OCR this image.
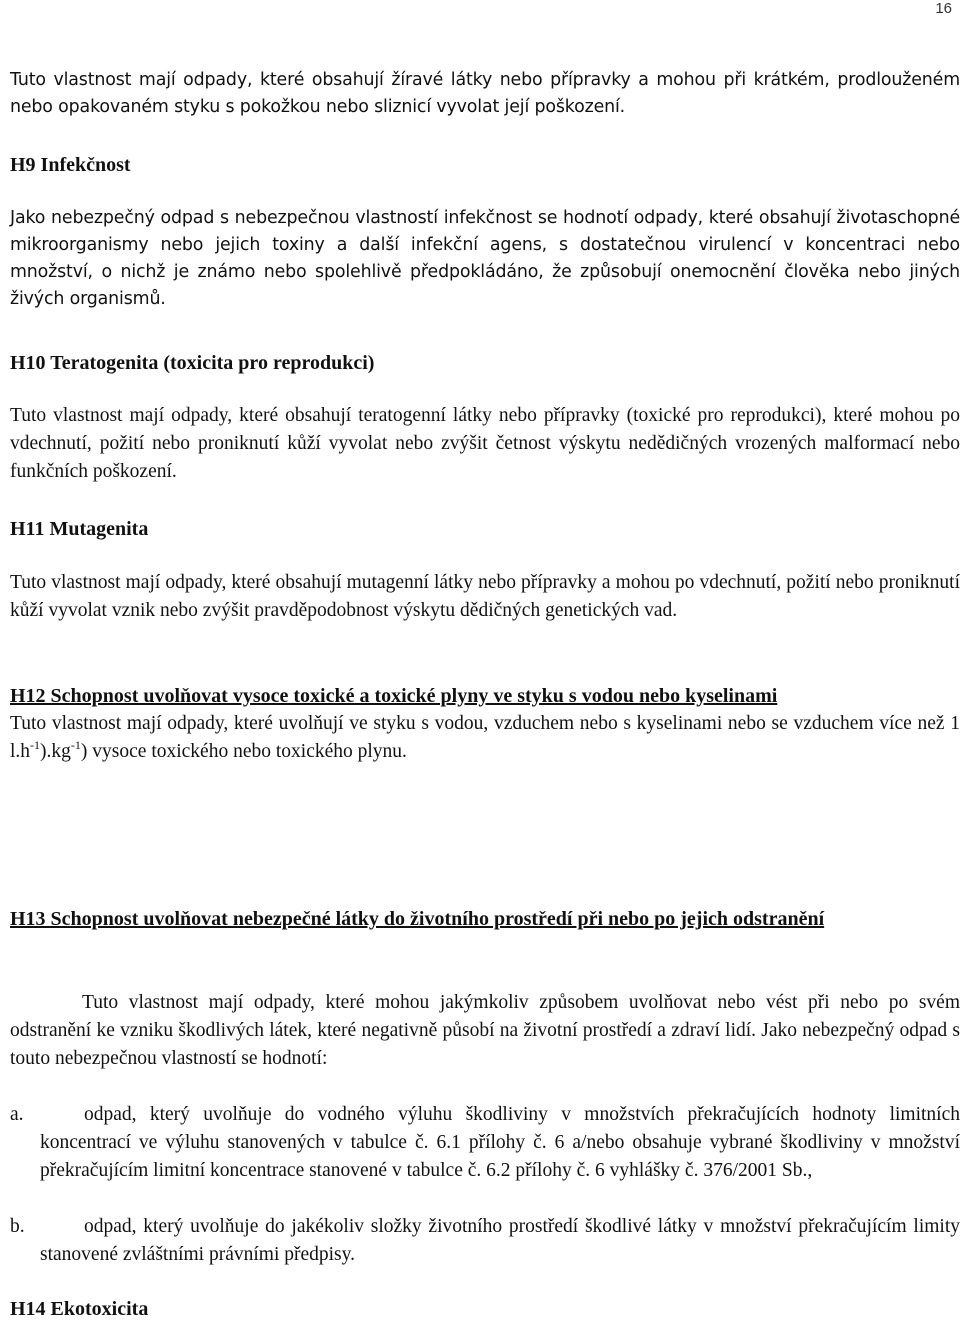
16

Tuto vlastnost mají odpady, které obsahují žíravé látky nebo přípravky a mohou při krátkém, prodlouženém nebo opakovaném styku s pokožkou nebo sliznicí vyvolat její poškození.

H9 Infekčnost

Jako nebezpečný odpad s nebezpečnou vlastností infekčnost se hodnotí odpady, které obsahují životaschopné mikroorganismy nebo jejich toxiny a další infekční agens, s dostatečnou virulencí v koncentraci nebo množství, o nichž je známo nebo spolehlivě předpokládáno, že způsobují onemocnění člověka nebo jiných živých organismů.

H10 Teratogenita (toxicita pro reprodukci)

Tuto vlastnost mají odpady, které obsahují teratogenní látky nebo přípravky (toxické pro reprodukci), které mohou po vdechnutí, požití nebo proniknutí kůží vyvolat nebo zvýšit četnost výskytu nedědičných vrozených malformací nebo funkčních poškození.

H11 Mutagenita

Tuto vlastnost mají odpady, které obsahují mutagenní látky nebo přípravky a mohou po vdechnutí, požití nebo proniknutí kůží vyvolat vznik nebo zvýšit pravděpodobnost výskytu dědičných genetických vad.

H12 Schopnost uvolňovat vysoce toxické a toxické plyny ve styku s vodou nebo kyselinami

Tuto vlastnost mají odpady, které uvolňují ve styku s vodou, vzduchem nebo s kyselinami nebo se vzduchem více než 1 $l.h^{-1}).kg^{-1}$) vysoce toxického nebo toxického plynu.

H13 Schopnost uvolňovat nebezpečné látky do životního prostředí při nebo po jejich odstranění

Tuto vlastnost mají odpady, které mohou jakýmkoliv způsobem uvolňovat nebo vést při nebo po svém odstranění ke vzniku škodlivých látek, které negativně působí na životní prostředí a zdraví lidí. Jako nebezpečný odpad s touto nebezpečnou vlastností se hodnotí:

a.	odpad, který uvolňuje do vodného výluhu škodliviny v množstvích překračujících hodnoty limitních koncentrací ve výluhu stanovených v tabulce č. 6.1 přílohy č. 6 a/nebo obsahuje vybrané škodliviny v množství překračujícím limitní koncentrace stanovené v tabulce č. 6.2 přílohy č. 6 vyhlášky č. 376/2001 Sb.,
b.	odpad, který uvolňuje do jakékoliv složky životního prostředí škodlivé látky v množství překračujícím limity stanovené zvláštními právními předpisy.
H14 Ekotoxicita
